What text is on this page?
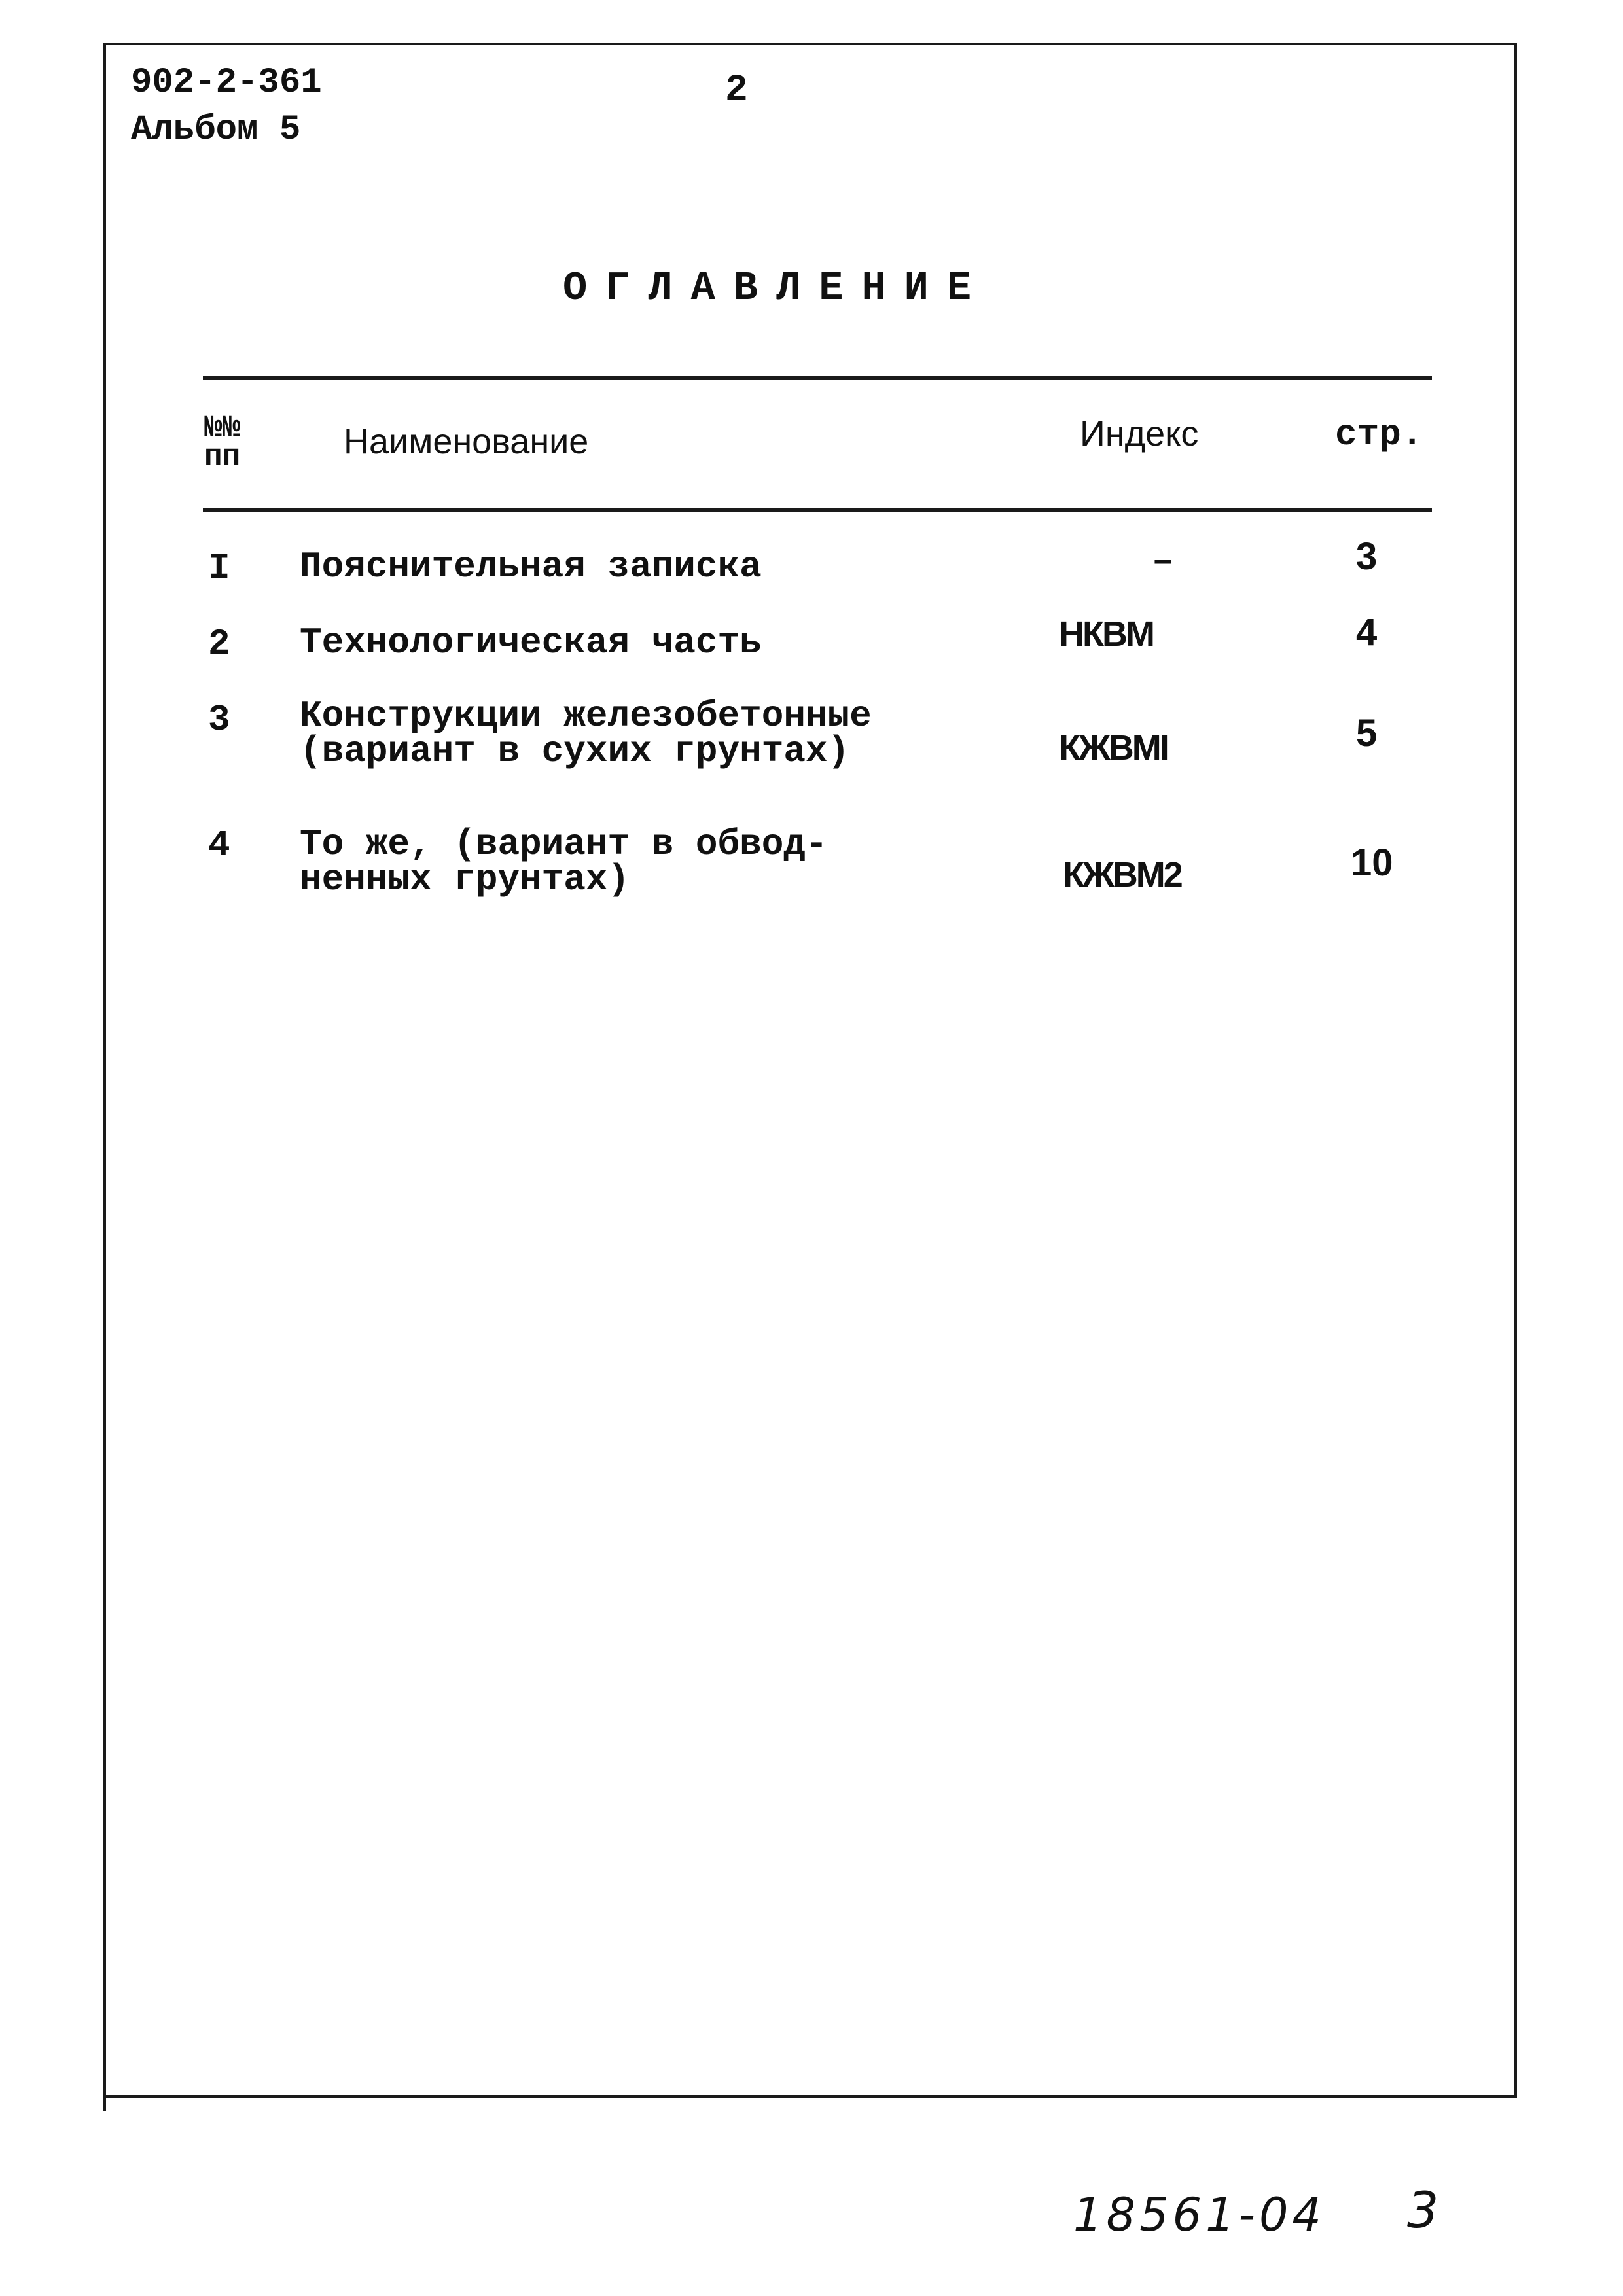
902-2-361
Альбом 5
2
ОГЛАВЛЕНИЕ
№№ пп	Наименование	Индекс	стр.
I Пояснительная записка	–	3
2 Технологическая часть	НКВМ	4
3 Конструкции железобетонные
(вариант в сухих грунтах)	КЖВМI	5
4 То же, (вариант в обвод-
ненных грунтах)	КЖВМ2	10
18561-04 3
